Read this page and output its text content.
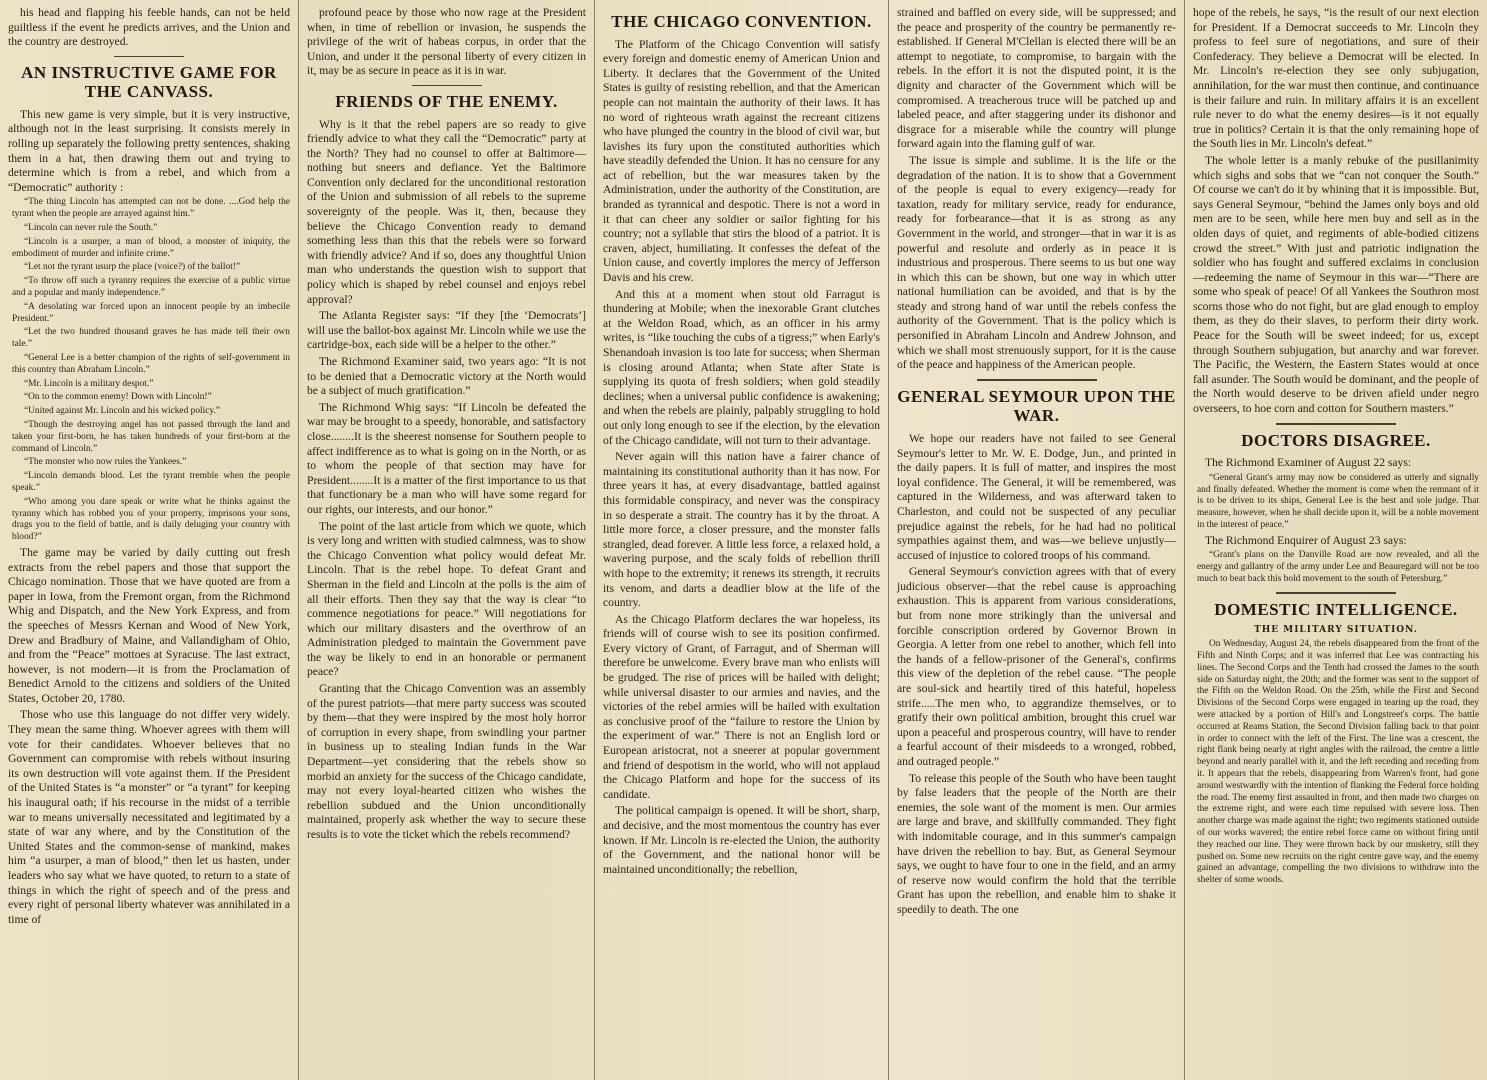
his head and flapping his feeble hands, can not be held guiltless if the event he predicts arrives, and the Union and the country are destroyed.

AN INSTRUCTIVE GAME FOR THE CANVASS.

This new game is very simple, but it is very instructive, although not in the least surprising. It consists merely in rolling up separately the following pretty sentences, shaking them in a hat, then drawing them out and trying to determine which is from a rebel, and which from a “Democratic” authority :

“The thing Lincoln has attempted can not be done. ....God help the tyrant when the people are arrayed against him.”

“Lincoln can never rule the South.”

“Lincoln is a usurper, a man of blood, a monster of iniquity, the embodiment of murder and infinite crime.”

“Let not the tyrant usurp the place (voice?) of the ballot!”

“To throw off such a tyranny requires the exercise of a public virtue and a popular and manly independence.”

“A desolating war forced upon an innocent people by an imbecile President.”

“Let the two hundred thousand graves he has made tell their own tale.”

“General Lee is a better champion of the rights of self-government in this country than Abraham Lincoln.”

“Mr. Lincoln is a military despot.”

“On to the common enemy! Down with Lincoln!”

“United against Mr. Lincoln and his wicked policy.”

“Though the destroying angel has not passed through the land and taken your first-born, he has taken hundreds of your first-born at the command of Lincoln.”

“The monster who now rules the Yankees.”

“Lincoln demands blood. Let the tyrant tremble when the people speak.”

“Who among you dare speak or write what he thinks against the tyranny which has robbed you of your property, imprisons your sons, drags you to the field of battle, and is daily deluging your country with blood?”

The game may be varied by daily cutting out fresh extracts from the rebel papers and those that support the Chicago nomination. Those that we have quoted are from a paper in Iowa, from the Fremont organ, from the Richmond Whig and Dispatch, and the New York Express, and from the speeches of Messrs Kernan and Wood of New York, Drew and Bradbury of Maine, and Vallandigham of Ohio, and from the “Peace” mottoes at Syracuse. The last extract, however, is not modern—it is from the Proclamation of Benedict Arnold to the citizens and soldiers of the United States, October 20, 1780.

Those who use this language do not differ very widely. They mean the same thing. Whoever agrees with them will vote for their candidates. Whoever believes that no Government can compromise with rebels without insuring its own destruction will vote against them. If the President of the United States is “a monster” or “a tyrant” for keeping his inaugural oath; if his recourse in the midst of a terrible war to means universally necessitated and legitimated by a state of war any where, and by the Constitution of the United States and the common-sense of mankind, makes him “a usurper, a man of blood,” then let us hasten, under leaders who say what we have quoted, to return to a state of things in which the right of speech and of the press and every right of personal liberty whatever was annihilated in a time of

profound peace by those who now rage at the President when, in time of rebellion or invasion, he suspends the privilege of the writ of habeas corpus, in order that the Union, and under it the personal liberty of every citizen in it, may be as secure in peace as it is in war.

FRIENDS OF THE ENEMY.

Why is it that the rebel papers are so ready to give friendly advice to what they call the “Democratic” party at the North? They had no counsel to offer at Baltimore—nothing but sneers and defiance. Yet the Baltimore Convention only declared for the unconditional restoration of the Union and submission of all rebels to the supreme sovereignty of the people. Was it, then, because they believe the Chicago Convention ready to demand something less than this that the rebels were so forward with friendly advice? And if so, does any thoughtful Union man who understands the question wish to support that policy which is shaped by rebel counsel and enjoys rebel approval?

The Atlanta Register says: “If they [the ‘Democrats’] will use the ballot-box against Mr. Lincoln while we use the cartridge-box, each side will be a helper to the other.”

The Richmond Examiner said, two years ago: “It is not to be denied that a Democratic victory at the North would be a subject of much gratification.”

The Richmond Whig says: “If Lincoln be defeated the war may be brought to a speedy, honorable, and satisfactory close........It is the sheerest nonsense for Southern people to affect indifference as to what is going on in the North, or as to whom the people of that section may have for President........It is a matter of the first importance to us that that functionary be a man who will have some regard for our rights, our interests, and our honor.”

The point of the last article from which we quote, which is very long and written with studied calmness, was to show the Chicago Convention what policy would defeat Mr. Lincoln. That is the rebel hope. To defeat Grant and Sherman in the field and Lincoln at the polls is the aim of all their efforts. Then they say that the way is clear “to commence negotiations for peace.” Will negotiations for which our military disasters and the overthrow of an Administration pledged to maintain the Government pave the way be likely to end in an honorable or permanent peace?

Granting that the Chicago Convention was an assembly of the purest patriots—that mere party success was scouted by them—that they were inspired by the most holy horror of corruption in every shape, from swindling your partner in business up to stealing Indian funds in the War Department—yet considering that the rebels show so morbid an anxiety for the success of the Chicago candidate, may not every loyal-hearted citizen who wishes the rebellion subdued and the Union unconditionally maintained, properly ask whether the way to secure these results is to vote the ticket which the rebels recommend?

THE CHICAGO CONVENTION.

The Platform of the Chicago Convention will satisfy every foreign and domestic enemy of American Union and Liberty. It declares that the Government of the United States is guilty of resisting rebellion, and that the American people can not maintain the authority of their laws. It has no word of righteous wrath against the recreant citizens who have plunged the country in the blood of civil war, but lavishes its fury upon the constituted authorities which have steadily defended the Union. It has no censure for any act of rebellion, but the war measures taken by the Administration, under the authority of the Constitution, are branded as tyrannical and despotic. There is not a word in it that can cheer any soldier or sailor fighting for his country; not a syllable that stirs the blood of a patriot. It is craven, abject, humiliating. It confesses the defeat of the Union cause, and covertly implores the mercy of Jefferson Davis and his crew.

And this at a moment when stout old Farragut is thundering at Mobile; when the inexorable Grant clutches at the Weldon Road, which, as an officer in his army writes, is “like touching the cubs of a tigress;” when Early's Shenandoah invasion is too late for success; when Sherman is closing around Atlanta; when State after State is supplying its quota of fresh soldiers; when gold steadily declines; when a universal public confidence is awakening; and when the rebels are plainly, palpably struggling to hold out only long enough to see if the election, by the elevation of the Chicago candidate, will not turn to their advantage.

Never again will this nation have a fairer chance of maintaining its constitutional authority than it has now. For three years it has, at every disadvantage, battled against this formidable conspiracy, and never was the conspiracy in so desperate a strait. The country has it by the throat. A little more force, a closer pressure, and the monster falls strangled, dead forever. A little less force, a relaxed hold, a wavering purpose, and the scaly folds of rebellion thrill with hope to the extremity; it renews its strength, it recruits its venom, and darts a deadlier blow at the life of the country.

As the Chicago Platform declares the war hopeless, its friends will of course wish to see its position confirmed. Every victory of Grant, of Farragut, and of Sherman will therefore be unwelcome. Every brave man who enlists will be grudged. The rise of prices will be hailed with delight; while universal disaster to our armies and navies, and the victories of the rebel armies will be hailed with exultation as conclusive proof of the “failure to restore the Union by the experiment of war.” There is not an English lord or European aristocrat, not a sneerer at popular government and friend of despotism in the world, who will not applaud the Chicago Platform and hope for the success of its candidate.

The political campaign is opened. It will be short, sharp, and decisive, and the most momentous the country has ever known. If Mr. Lincoln is re-elected the Union, the authority of the Government, and the national honor will be maintained unconditionally; the rebellion,

strained and baffled on every side, will be suppressed; and the peace and prosperity of the country be permanently re-established. If General M'Clellan is elected there will be an attempt to negotiate, to compromise, to bargain with the rebels. In the effort it is not the disputed point, it is the dignity and character of the Government which will be compromised. A treacherous truce will be patched up and labeled peace, and after staggering under its dishonor and disgrace for a miserable while the country will plunge forward again into the flaming gulf of war.

The issue is simple and sublime. It is the life or the degradation of the nation. It is to show that a Government of the people is equal to every exigency—ready for taxation, ready for military service, ready for endurance, ready for forbearance—that it is as strong as any Government in the world, and stronger—that in war it is as powerful and resolute and orderly as in peace it is industrious and prosperous. There seems to us but one way in which this can be shown, but one way in which utter national humiliation can be avoided, and that is by the steady and strong hand of war until the rebels confess the authority of the Government. That is the policy which is personified in Abraham Lincoln and Andrew Johnson, and which we shall most strenuously support, for it is the cause of the peace and happiness of the American people.

GENERAL SEYMOUR UPON THE WAR.

We hope our readers have not failed to see General Seymour's letter to Mr. W. E. Dodge, Jun., and printed in the daily papers. It is full of matter, and inspires the most loyal confidence. The General, it will be remembered, was captured in the Wilderness, and was afterward taken to Charleston, and could not be suspected of any peculiar prejudice against the rebels, for he had had no political sympathies against them, and was—we believe unjustly—accused of injustice to colored troops of his command.

General Seymour's conviction agrees with that of every judicious observer—that the rebel cause is approaching exhaustion. This is apparent from various considerations, but from none more strikingly than the universal and forcible conscription ordered by Governor Brown in Georgia. A letter from one rebel to another, which fell into the hands of a fellow-prisoner of the General's, confirms this view of the depletion of the rebel cause. “The people are soul-sick and heartily tired of this hateful, hopeless strife.....The men who, to aggrandize themselves, or to gratify their own political ambition, brought this cruel war upon a peaceful and prosperous country, will have to render a fearful account of their misdeeds to a wronged, robbed, and outraged people.”

To release this people of the South who have been taught by false leaders that the people of the North are their enemies, the sole want of the moment is men. Our armies are large and brave, and skillfully commanded. They fight with indomitable courage, and in this summer's campaign have driven the rebellion to bay. But, as General Seymour says, we ought to have four to one in the field, and an army of reserve now would confirm the hold that the terrible Grant has upon the rebellion, and enable him to shake it speedily to death. The one

hope of the rebels, he says, “is the result of our next election for President. If a Democrat succeeds to Mr. Lincoln they profess to feel sure of negotiations, and sure of their Confederacy. They believe a Democrat will be elected. In Mr. Lincoln's re-election they see only subjugation, annihilation, for the war must then continue, and continuance is their failure and ruin. In military affairs it is an excellent rule never to do what the enemy desires—is it not equally true in politics? Certain it is that the only remaining hope of the South lies in Mr. Lincoln's defeat.”

The whole letter is a manly rebuke of the pusillanimity which sighs and sobs that we “can not conquer the South.” Of course we can't do it by whining that it is impossible. But, says General Seymour, “behind the James only boys and old men are to be seen, while here men buy and sell as in the olden days of quiet, and regiments of able-bodied citizens crowd the street.” With just and patriotic indignation the soldier who has fought and suffered exclaims in conclusion—redeeming the name of Seymour in this war—“There are some who speak of peace! Of all Yankees the Southron most scorns those who do not fight, but are glad enough to employ them, as they do their slaves, to perform their dirty work. Peace for the South will be sweet indeed; for us, except through Southern subjugation, but anarchy and war forever. The Pacific, the Western, the Eastern States would at once fall asunder. The South would be dominant, and the people of the North would deserve to be driven afield under negro overseers, to hoe corn and cotton for Southern masters.”

DOCTORS DISAGREE.

The Richmond Examiner of August 22 says:

“General Grant's army may now be considered as utterly and signally and finally defeated. Whether the moment is come when the remnant of it is to be driven to its ships, General Lee is the best and sole judge. That measure, however, when he shall decide upon it, will be a noble movement in the interest of peace.”

The Richmond Enquirer of August 23 says:

“Grant's plans on the Danville Road are now revealed, and all the energy and gallantry of the army under Lee and Beauregard will not be too much to beat back this bold movement to the south of Petersburg.”

DOMESTIC INTELLIGENCE.
THE MILITARY SITUATION.

On Wednesday, August 24, the rebels disappeared from the front of the Fifth and Ninth Corps; and it was inferred that Lee was contracting his lines. The Second Corps and the Tenth had crossed the James to the south side on Saturday night, the 20th; and the former was sent to the support of the Fifth on the Weldon Road. On the 25th, while the First and Second Divisions of the Second Corps were engaged in tearing up the road, they were attacked by a portion of Hill's and Longstreet's corps. The battle occurred at Reams Station, the Second Division falling back to that point in order to connect with the left of the First. The line was a crescent, the right flank being nearly at right angles with the railroad, the centre a little beyond and nearly parallel with it, and the left receding and receding from it. It appears that the rebels, disappearing from Warren's front, had gone around westwardly with the intention of flanking the Federal force holding the road. The enemy first assaulted in front, and then made two charges on the extreme right, and were each time repulsed with severe loss. Then another charge was made against the right; two regiments stationed outside of our works wavered; the entire rebel force came on without firing until they reached our line. They were thrown back by our musketry, still they pushed on. Some new recruits on the right centre gave way, and the enemy gained an advantage, compelling the two divisions to withdraw into the shelter of some woods.
